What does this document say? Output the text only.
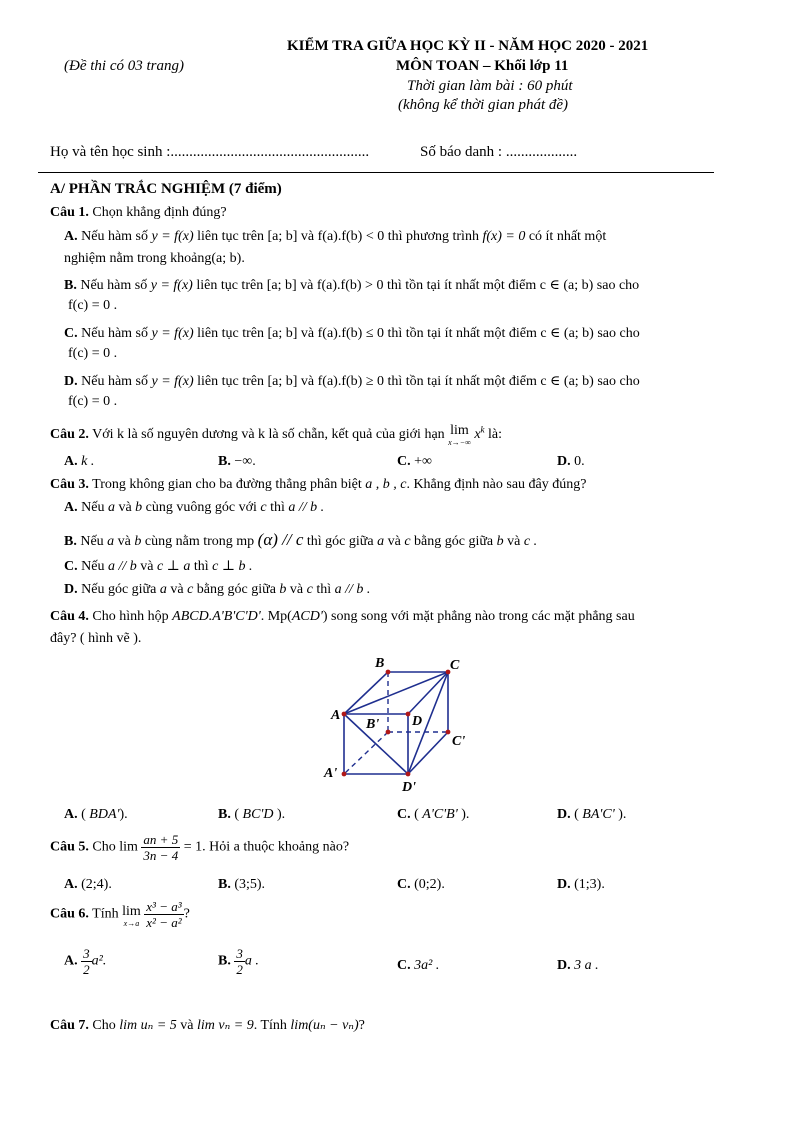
KIỂM TRA GIỮA HỌC KỲ II - NĂM HỌC 2020 - 2021
(Đề thi có 03 trang)	MÔN TOAN – Khối lớp 11
Thời gian làm bài : 60 phút
(không kể thời gian phát đề)
Họ và tên học sinh :.....................................................	Số báo danh : ...................
A/ PHẦN TRẮC NGHIỆM (7 điểm)
Câu 1. Chọn khẳng định đúng?
A. Nếu hàm số y = f(x) liên tục trên [a; b] và f(a).f(b) < 0 thì phương trình f(x) = 0 có ít nhất một
nghiệm nằm trong khoảng(a; b).
B. Nếu hàm số y = f(x) liên tục trên [a; b] và f(a).f(b) > 0 thì tồn tại ít nhất một điểm c ∈ (a; b) sao cho
f(c) = 0 .
C. Nếu hàm số y = f(x) liên tục trên [a; b] và f(a).f(b) ≤ 0 thì tồn tại ít nhất một điểm c ∈ (a; b) sao cho
f(c) = 0 .
D. Nếu hàm số y = f(x) liên tục trên [a; b] và f(a).f(b) ≥ 0 thì tồn tại ít nhất một điểm c ∈ (a; b) sao cho
f(c) = 0 .
Câu 2. Với k là số nguyên dương và k là số chẵn, kết quả của giới hạn lim
x→−∞
$x^k$ là:
A. k .	B. −∞.	C. +∞	D. 0.
Câu 3. Trong không gian cho ba đường thẳng phân biệt a , b , c. Khẳng định nào sau đây đúng?
A. Nếu a và b cùng vuông góc với c thì a // b .
B. Nếu a và b cùng nằm trong mp (α) // c thì góc giữa a và c bằng góc giữa b và c .
C. Nếu a // b và c ⊥ a thì c ⊥ b .
D. Nếu góc giữa a và c bằng góc giữa b và c thì a // b .
Câu 4. Cho hình hộp ABCD.A'B'C'D'. Mp(ACD') song song với mặt phẳng nào trong các mặt phẳng sau
đây? ( hình vẽ ).
B	C
A
B' D
C'
A'
D'
A. ( BDA').	B. ( BC'D ).	C. ( A'C'B' ).	D. ( BA'C' ).
Câu 5. Cho $\lim \frac{an + 5}{3n - 4} = 1$. Hỏi a thuộc khoảng nào?
A. (2;4).	B. (3;5).	C. (0;2).	D. (1;3).
Câu 6. Tính lim
x→a
$\frac{\text{x³ − a³}}{\text{x² − a²}}$ ?
A. $\frac{3}{2} a^2$.	B. $\frac{3}{2}$ a .	C. 3a² .	D. 3 a .
Câu 7. Cho lim uₙ = 5 và lim vₙ = 9. Tính lim(uₙ − vₙ)?
